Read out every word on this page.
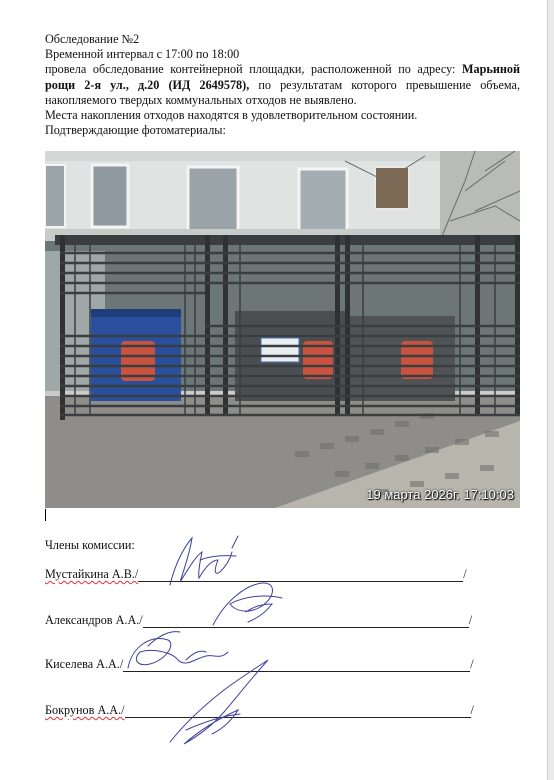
Обследование №2

Временной интервал с 17:00 по 18:00

провела обследование контейнерной площадки, расположенной по адресу: Марьиной рощи 2-я ул., д.20 (ИД 2649578), по результатам которого превышение объема, накопляемого твердых коммунальных отходов не выявлено.

Места накопления отходов находятся в удовлетворительном состоянии.

Подтверждающие фотоматериалы:

19 марта 2026г. 17:10:03
Члены комиссии:
Мустайкина А.В./	/
Александров А.А./	/
Киселева А.А./	/
Бокрунов А.А./	/
